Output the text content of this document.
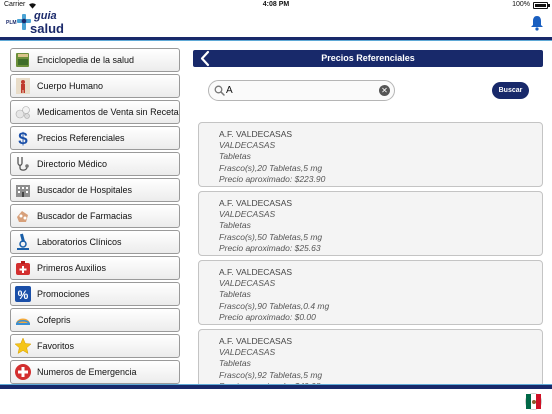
Carrier	4:08 PM	100%
PLM
guia
salud
Enciclopedia de la salud
Cuerpo Humano
Medicamentos de Venta sin Receta
$ Precios Referenciales
Directorio Médico
Buscador de Hospitales
Buscador de Farmacias
Laboratorios Clínicos
Primeros Auxilios
% Promociones
Cofepris
Favoritos
Numeros de Emergencia
Precios Referenciales
A
✕	Buscar
A.F. VALDECASAS
VALDECASAS
Tabletas
Frasco(s),20 Tabletas,5 mg
Precio aproximado: $223.90
A.F. VALDECASAS
VALDECASAS
Tabletas
Frasco(s),50 Tabletas,5 mg
Precio aproximado: $25.63
A.F. VALDECASAS
VALDECASAS
Tabletas
Frasco(s),90 Tabletas,0.4 mg
Precio aproximado: $0.00
A.F. VALDECASAS
VALDECASAS
Tabletas
Frasco(s),92 Tabletas,5 mg
